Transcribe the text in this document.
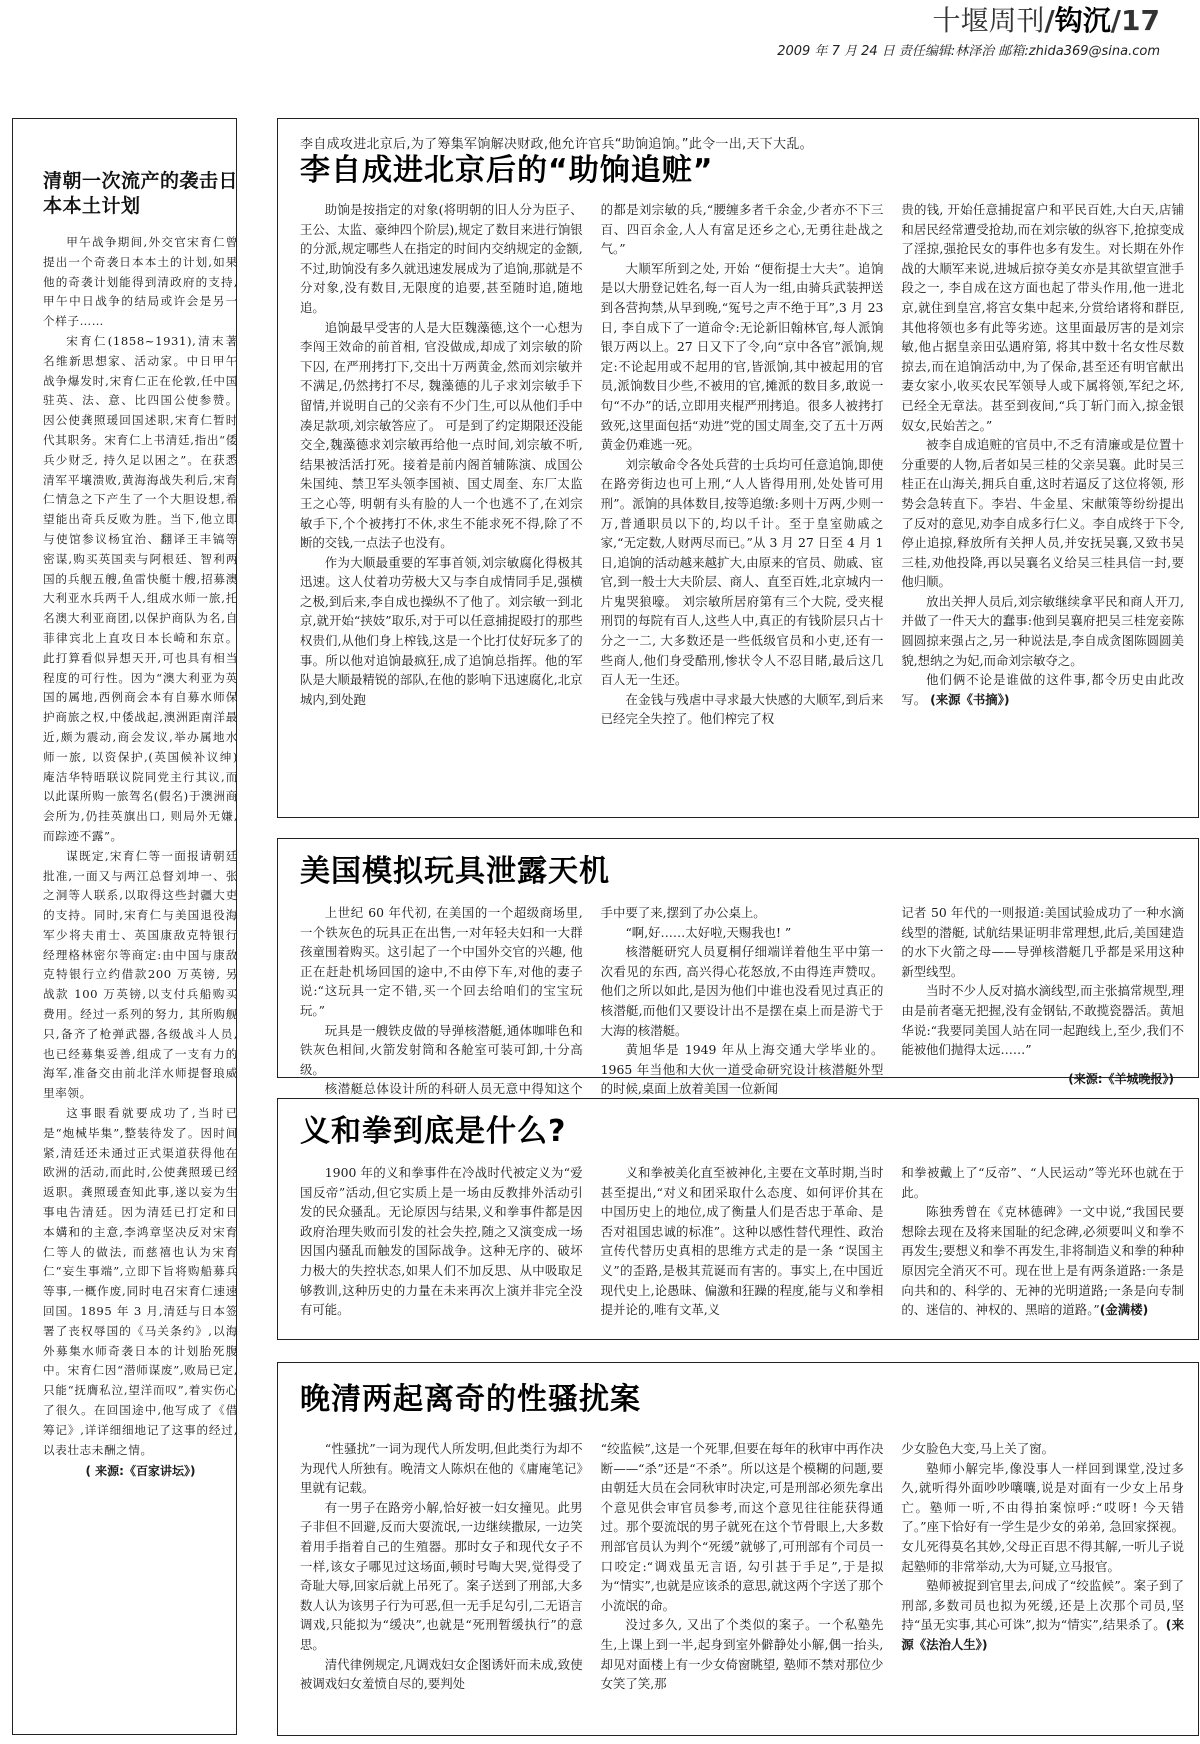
十堰周刊/钩沉/17
2009 年 7 月 24 日 责任编辑:林泽治 邮箱:zhida369@sina.com
清朝一次流产的袭击日本本土计划

甲午战争期间,外交官宋育仁曾提出一个奇袭日本本土的计划,如果他的奇袭计划能得到清政府的支持,甲午中日战争的结局或许会是另一个样子……

宋育仁(1858~1931),清末著名维新思想家、活动家。中日甲午战争爆发时,宋育仁正在伦敦,任中国驻英、法、意、比四国公使参赞。因公使龚照瑗回国述职,宋育仁暂时代其职务。宋育仁上书清廷,指出“倭兵少财乏, 持久足以困之”。在获悉清军平壤溃败,黄海海战失利后,宋育仁情急之下产生了一个大胆设想,希望能出奇兵反败为胜。当下,他立即与使馆参议杨宜治、翻译王丰镐等密谋,购买英国卖与阿根廷、智利两国的兵舰五艘,鱼雷快艇十艘,招募澳大利亚水兵两千人,组成水师一旅,托名澳大利亚商团,以保护商队为名,自菲律宾北上直攻日本长崎和东京。此打算看似异想天开,可也具有相当程度的可行性。因为“澳大利亚为英国的属地,西例商会本有自募水师保护商旅之权,中倭战起,澳洲距南洋最近,颇为震动,商会发议,举办属地水师一旅, 以资保护,(英国候补议绅) 庵洁华特晤联议院同党主行其议,而以此谋所购一旅驾名(假名)于澳洲商会所为,仍挂英旗出口, 则局外无嫌,而踪迹不露”。

谋既定,宋育仁等一面报请朝廷批准,一面又与两江总督刘坤一、张之洞等人联系,以取得这些封疆大吏的支持。同时,宋育仁与美国退役海军少将夫甫士、英国康敌克特银行经理格林密尔等商定:由中国与康敌克特银行立约借款200 万英镑, 另战款 100 万英镑,以支付兵船购买费用。经过一系列的努力, 其所购舰只,备齐了枪弹武器,各级战斗人员, 也已经募集妥善,组成了一支有力的海军,准备交由前北洋水师提督琅威里率领。

这事眼看就要成功了,当时已是“炮械毕集”,整装待发了。因时间紧,清廷还未通过正式渠道获得他在欧洲的活动,而此时,公使龚照瑗已经返职。龚照瑗查知此事,遂以妄为生事电告清廷。因为清廷已打定和日本媾和的主意,李鸿章坚决反对宋育仁等人的做法, 而慈禧也认为宋育仁“妄生事端”,立即下旨将购船募兵等事,一概作废,同时电召宋育仁速速回国。1895 年 3 月,清廷与日本签署了丧权辱国的《马关条约》,以海外募集水师奇袭日本的计划胎死腹中。宋育仁因“潜师谋废”,败局已定,只能“抚膺私泣,望洋而叹”,着实伤心了很久。在回国途中,他写成了《借筹记》,详详细细地记了这事的经过,以表壮志未酬之情。

( 来源:《百家讲坛》)
李自成攻进北京后,为了筹集军饷解决财政,他允许官兵“助饷追饷。”此令一出,天下大乱。
李自成进北京后的“助饷追赃”

助饷是按指定的对象(将明朝的旧人分为臣子、王公、太监、豪绅四个阶层),规定了数目来进行饷银的分派,规定哪些人在指定的时间内交纳规定的金额,不过,助饷没有多久就迅速发展成为了追饷,那就是不分对象,没有数目,无限度的追要,甚至随时追,随地追。

追饷最早受害的人是大臣魏藻德,这个一心想为李闯王效命的前首相, 官没做成,却成了刘宗敏的阶下囚, 在严刑拷打下,交出十万两黄金,然而刘宗敏并不满足,仍然拷打不尽, 魏藻德的儿子求刘宗敏手下留情,并说明自己的父亲有不少门生,可以从他们手中凑足款项,刘宗敏答应了。 可是到了约定期限还没能交全,魏藻德求刘宗敏再给他一点时间,刘宗敏不听,结果被活活打死。接着是前内阁首辅陈演、成国公朱国纯、禁卫军头领李国祯、国丈周奎、东厂太监王之心等, 明朝有头有脸的人一个也逃不了,在刘宗敏手下,个个被拷打不休,求生不能求死不得,除了不断的交钱,一点法子也没有。

作为大顺最重要的军事首领,刘宗敏腐化得极其迅速。这人仗着功劳极大又与李自成情同手足,强横之极,到后来,李自成也操纵不了他了。刘宗敏一到北京,就开始“挟妓”取乐,对于可以任意捕捉殴打的那些权贵们,从他们身上榨钱,这是一个比打仗好玩多了的事。所以他对追饷最疯狂,成了追饷总指挥。他的军队是大顺最精锐的部队,在他的影响下迅速腐化,北京城内,到处跑

的都是刘宗敏的兵,“腰缠多者千余金,少者亦不下三百、四百余金,人人有富足还乡之心,无勇往赴战之气。”

大顺军所到之处, 开始 “便衔提士大夫”。追饷是以大册登记姓名,每一百人为一组,由骑兵武装押送到各营拘禁,从早到晚,“冤号之声不绝于耳”,3 月 23 日, 李自成下了一道命令:无论新旧翰林官,每人派饷银万两以上。27 日又下了令,向“京中各官”派饷,规定:不论起用或不起用的官,皆派饷,其中被起用的官员,派饷数目少些,不被用的官,摊派的数目多,敢说一句“不办”的话,立即用夹棍严刑拷追。很多人被拷打致死,这里面包括“劝进”党的国丈周奎,交了五十万两黄金仍难逃一死。

刘宗敏命令各处兵营的士兵均可任意追饷,即使在路旁街边也可上刑,“人人皆得用刑,处处皆可用刑”。派饷的具体数目,按等追缴:多则十万两,少则一万,普通职员以下的,均以千计。至于皇室勋戚之家,“无定数,人财两尽而已。”从 3 月 27 日至 4 月 1 日,追饷的活动越来越扩大,由原来的官员、勋戚、宦官,到一般士大夫阶层、商人、直至百姓,北京城内一片鬼哭狼嚎。 刘宗敏所居府第有三个大院, 受夹棍刑罚的每院有百人,这些人中,真正的有钱阶层只占十分之一二, 大多数还是一些低级官员和小吏,还有一些商人,他们身受酷刑,惨状令人不忍目睹,最后这几百人无一生还。

在金钱与残虐中寻求最大快感的大顺军,到后来已经完全失控了。他们榨完了权

贵的钱, 开始任意捕捉富户和平民百姓,大白天,店铺和居民经常遭受抢劫,而在刘宗敏的纵容下,抢掠变成了淫掠,强抢民女的事件也多有发生。对长期在外作战的大顺军来说,进城后掠夺美女亦是其欲望宣泄手段之一, 李自成在这方面也起了带头作用,他一进北京,就住到皇宫,将宫女集中起来,分赏给诸将和群臣, 其他将领也多有此等劣迹。这里面最厉害的是刘宗敏,他占据皇亲田弘遇府第, 将其中数十名女性尽数掠去,而在追饷活动中,为了保命,甚至还有明官献出妻女家小,收买农民军领导人或下属将领,军纪之坏,已经全无章法。甚至到夜间,“兵丁斩门而入,掠金银奴女,民始苦之。”

被李自成追赃的官员中,不乏有清廉或是位置十分重要的人物,后者如吴三桂的父亲吴襄。此时吴三桂正在山海关,拥兵自重,这时若逼反了这位将领, 形势会急转直下。李岩、牛金星、宋献策等纷纷提出了反对的意见,劝李自成多行仁义。李自成终于下令,停止追掠,释放所有关押人员,并安抚吴襄,又致书吴三桂,劝他投降,再以吴襄名义给吴三桂具信一封,要他归顺。

放出关押人员后,刘宗敏继续拿平民和商人开刀,并做了一件天大的蠢事:他到吴襄府把吴三桂宠妾陈圆圆掠来强占之,另一种说法是,李自成贪图陈圆圆美貌,想纳之为妃,而命刘宗敏夺之。

他们俩不论是谁做的这件事,都令历史由此改写。 (来源《书摘》)

美国模拟玩具泄露天机

上世纪 60 年代初, 在美国的一个超级商场里,一个铁灰色的玩具正在出售,一对年轻夫妇和一大群孩童围着购买。这引起了一个中国外交官的兴趣, 他正在赶赴机场回国的途中,不由停下车,对他的妻子说:“这玩具一定不错,买一个回去给咱们的宝宝玩玩。”

玩具是一艘铁皮做的导弹核潜艇,通体咖啡色和铁灰色相间,火箭发射筒和各舱室可装可卸,十分高级。

核潜艇总体设计所的科研人员无意中得知这个

手中要了来,摆到了办公桌上。

“啊,好……太好啦,天赐我也! ”

核潜艇研究人员夏桐仔细端详着他生平中第一次看见的东西, 高兴得心花怒放,不由得连声赞叹。他们之所以如此,是因为他们中谁也没看见过真正的核潜艇,而他们又要设计出不是摆在桌上而是游弋于大海的核潜艇。

黄旭华是 1949 年从上海交通大学毕业的。1965 年当他和大伙一道受命研究设计核潜艇外型的时候,桌面上放着美国一位新闻

记者 50 年代的一则报道:美国试验成功了一种水滴线型的潜艇, 试航结果证明非常理想,此后,美国建造的水下火箭之母——导弹核潜艇几乎都是采用这种新型线型。

当时不少人反对搞水滴线型,而主张搞常规型,理由是前者毫无把握,没有金钢钻,不敢揽瓷器活。黄旭华说:“我要同美国人站在同一起跑线上,至少,我们不能被他们抛得太远……”

(来源:《羊城晚报》)
义和拳到底是什么?

1900 年的义和拳事件在冷战时代被定义为“爱国反帝”活动,但它实质上是一场由反教排外活动引发的民众骚乱。无论原因与结果,义和拳事件都是因政府治理失败而引发的社会失控,随之又演变成一场因国内骚乱而触发的国际战争。这种无序的、破坏力极大的失控状态,如果人们不加反思、从中吸取足够教训,这种历史的力量在未来再次上演并非完全没有可能。

义和拳被美化直至被神化,主要在文革时期,当时甚至提出,“对义和团采取什么态度、如何评价其在中国历史上的地位,成了衡量人们是否忠于革命、是否对祖国忠诚的标准”。这种以感性替代理性、政治宣传代替历史真相的思维方式走的是一条 “误国主义”的歪路,是极其荒诞而有害的。事实上,在中国近现代史上,论愚昧、偏激和狂躁的程度,能与义和拳相提并论的,唯有文革,义

和拳被戴上了“反帝”、“人民运动”等光环也就在于此。

陈独秀曾在《克林德碑》一文中说,“我国民要想除去现在及将来国耻的纪念碑,必须要叫义和拳不再发生;要想义和拳不再发生,非将制造义和拳的种种原因完全消灭不可。现在世上是有两条道路:一条是向共和的、科学的、无神的光明道路;一条是向专制的、迷信的、神权的、黑暗的道路。”(金满楼)

晚清两起离奇的性骚扰案

“性骚扰”一词为现代人所发明,但此类行为却不为现代人所独有。晚清文人陈炽在他的《庸庵笔记》里就有记载。

有一男子在路旁小解,恰好被一妇女撞见。此男子非但不回避,反而大耍流氓,一边继续撒尿, 一边笑着用手指着自己的生殖器。那时女子和现代女子不一样,该女子哪见过这场面,顿时号啕大哭,觉得受了奇耻大辱,回家后就上吊死了。案子送到了刑部,大多数人认为该男子行为可恶,但一无手足勾引,二无语言调戏,只能拟为“缓决”,也就是“死刑暂缓执行”的意思。

清代律例规定,凡调戏妇女企图诱奸而未成,致使被调戏妇女羞愤自尽的,要判处

“绞监候”,这是一个死罪,但要在每年的秋审中再作决断——“杀”还是“不杀”。所以这是个模糊的问题,要由朝廷大员在会同秋审时决定,可是刑部必须先拿出个意见供会审官员参考,而这个意见往往能获得通过。那个耍流氓的男子就死在这个节骨眼上,大多数刑部官员认为判个“死缓”就够了,可刑部有个司员一口咬定:“调戏虽无言语, 勾引甚于手足”,于是拟为“情实”,也就是应该杀的意思,就这两个字送了那个小流氓的命。

没过多久, 又出了个类似的案子。一个私塾先生,上课上到一半,起身到室外僻静处小解,偶一抬头,却见对面楼上有一少女倚窗眺望, 塾师不禁对那位少女笑了笑,那

少女脸色大变,马上关了窗。

塾师小解完毕,像没事人一样回到课堂,没过多久,就听得外面吵吵嚷嚷,说是对面有一少女上吊身亡。塾师一听,不由得拍案惊呼:“哎呀! 今天错了。”座下恰好有一学生是少女的弟弟, 急回家探视。女儿死得莫名其妙,父母正百思不得其解,一听儿子说起塾师的非常举动,大为可疑,立马报官。

塾师被捉到官里去,问成了“绞监候”。案子到了刑部,多数司员也拟为死缓,还是上次那个司员,坚持“虽无实事,其心可诛”,拟为“情实”,结果杀了。(来源《法治人生》)
